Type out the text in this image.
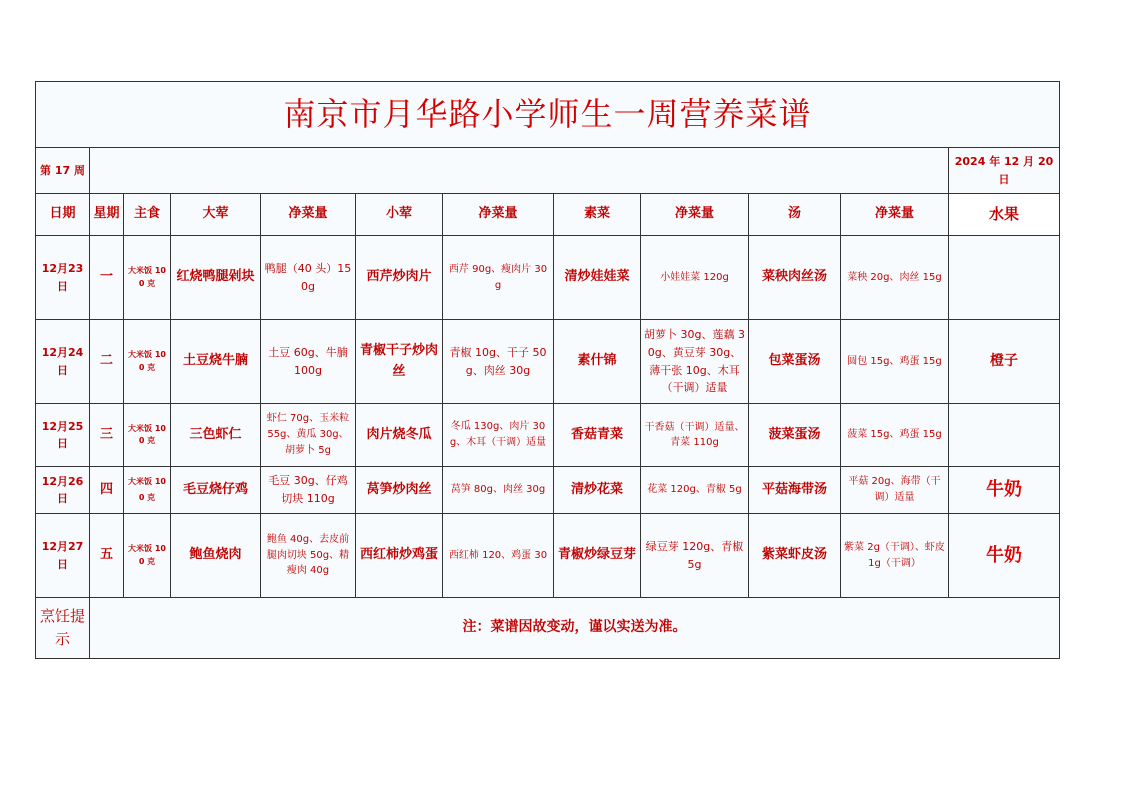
南京市月华路小学师生一周营养菜谱											
第 17 周											2024 年 12 月 20 日
日期	星期	主食	大荤	净菜量	小荤	净菜量	素菜	净菜量	汤	净菜量	水果
12月23日	一	大米饭 100 克	红烧鸭腿剁块	鸭腿（40 头）150g	西芹炒肉片	西芹 90g、瘦肉片 30g	清炒娃娃菜	小娃娃菜 120g	菜秧肉丝汤	菜秧 20g、肉丝 15g	
12月24日	二	大米饭 100 克	土豆烧牛腩	土豆 60g、牛腩 100g	青椒干子炒肉丝	青椒 10g、干子 50g、肉丝 30g	素什锦	胡萝卜 30g、莲藕 30g、黄豆芽 30g、薄干张 10g、木耳（干调）适量	包菜蛋汤	圆包 15g、鸡蛋 15g	橙子
12月25日	三	大米饭 100 克	三色虾仁	虾仁 70g、玉米粒 55g、黄瓜 30g、胡萝卜 5g	肉片烧冬瓜	冬瓜 130g、肉片 30g、木耳（干调）适量	香菇青菜	干香菇（干调）适量、青菜 110g	菠菜蛋汤	菠菜 15g、鸡蛋 15g	
12月26日	四	大米饭 100 克	毛豆烧仔鸡	毛豆 30g、仔鸡切块 110g	莴笋炒肉丝	莴笋 80g、肉丝 30g	清炒花菜	花菜 120g、青椒 5g	平菇海带汤	平菇 20g、海带（干调）适量	牛奶
12月27日	五	大米饭 100 克	鲍鱼烧肉	鲍鱼 40g、去皮前腿肉切块 50g、精瘦肉 40g	西红柿炒鸡蛋	西红柿 120、鸡蛋 30	青椒炒绿豆芽	绿豆芽 120g、青椒 5g	紫菜虾皮汤	紫菜 2g（干调）、虾皮 1g（干调）	牛奶
烹饪提示	注：菜谱因故变动，谨以实送为准。										
